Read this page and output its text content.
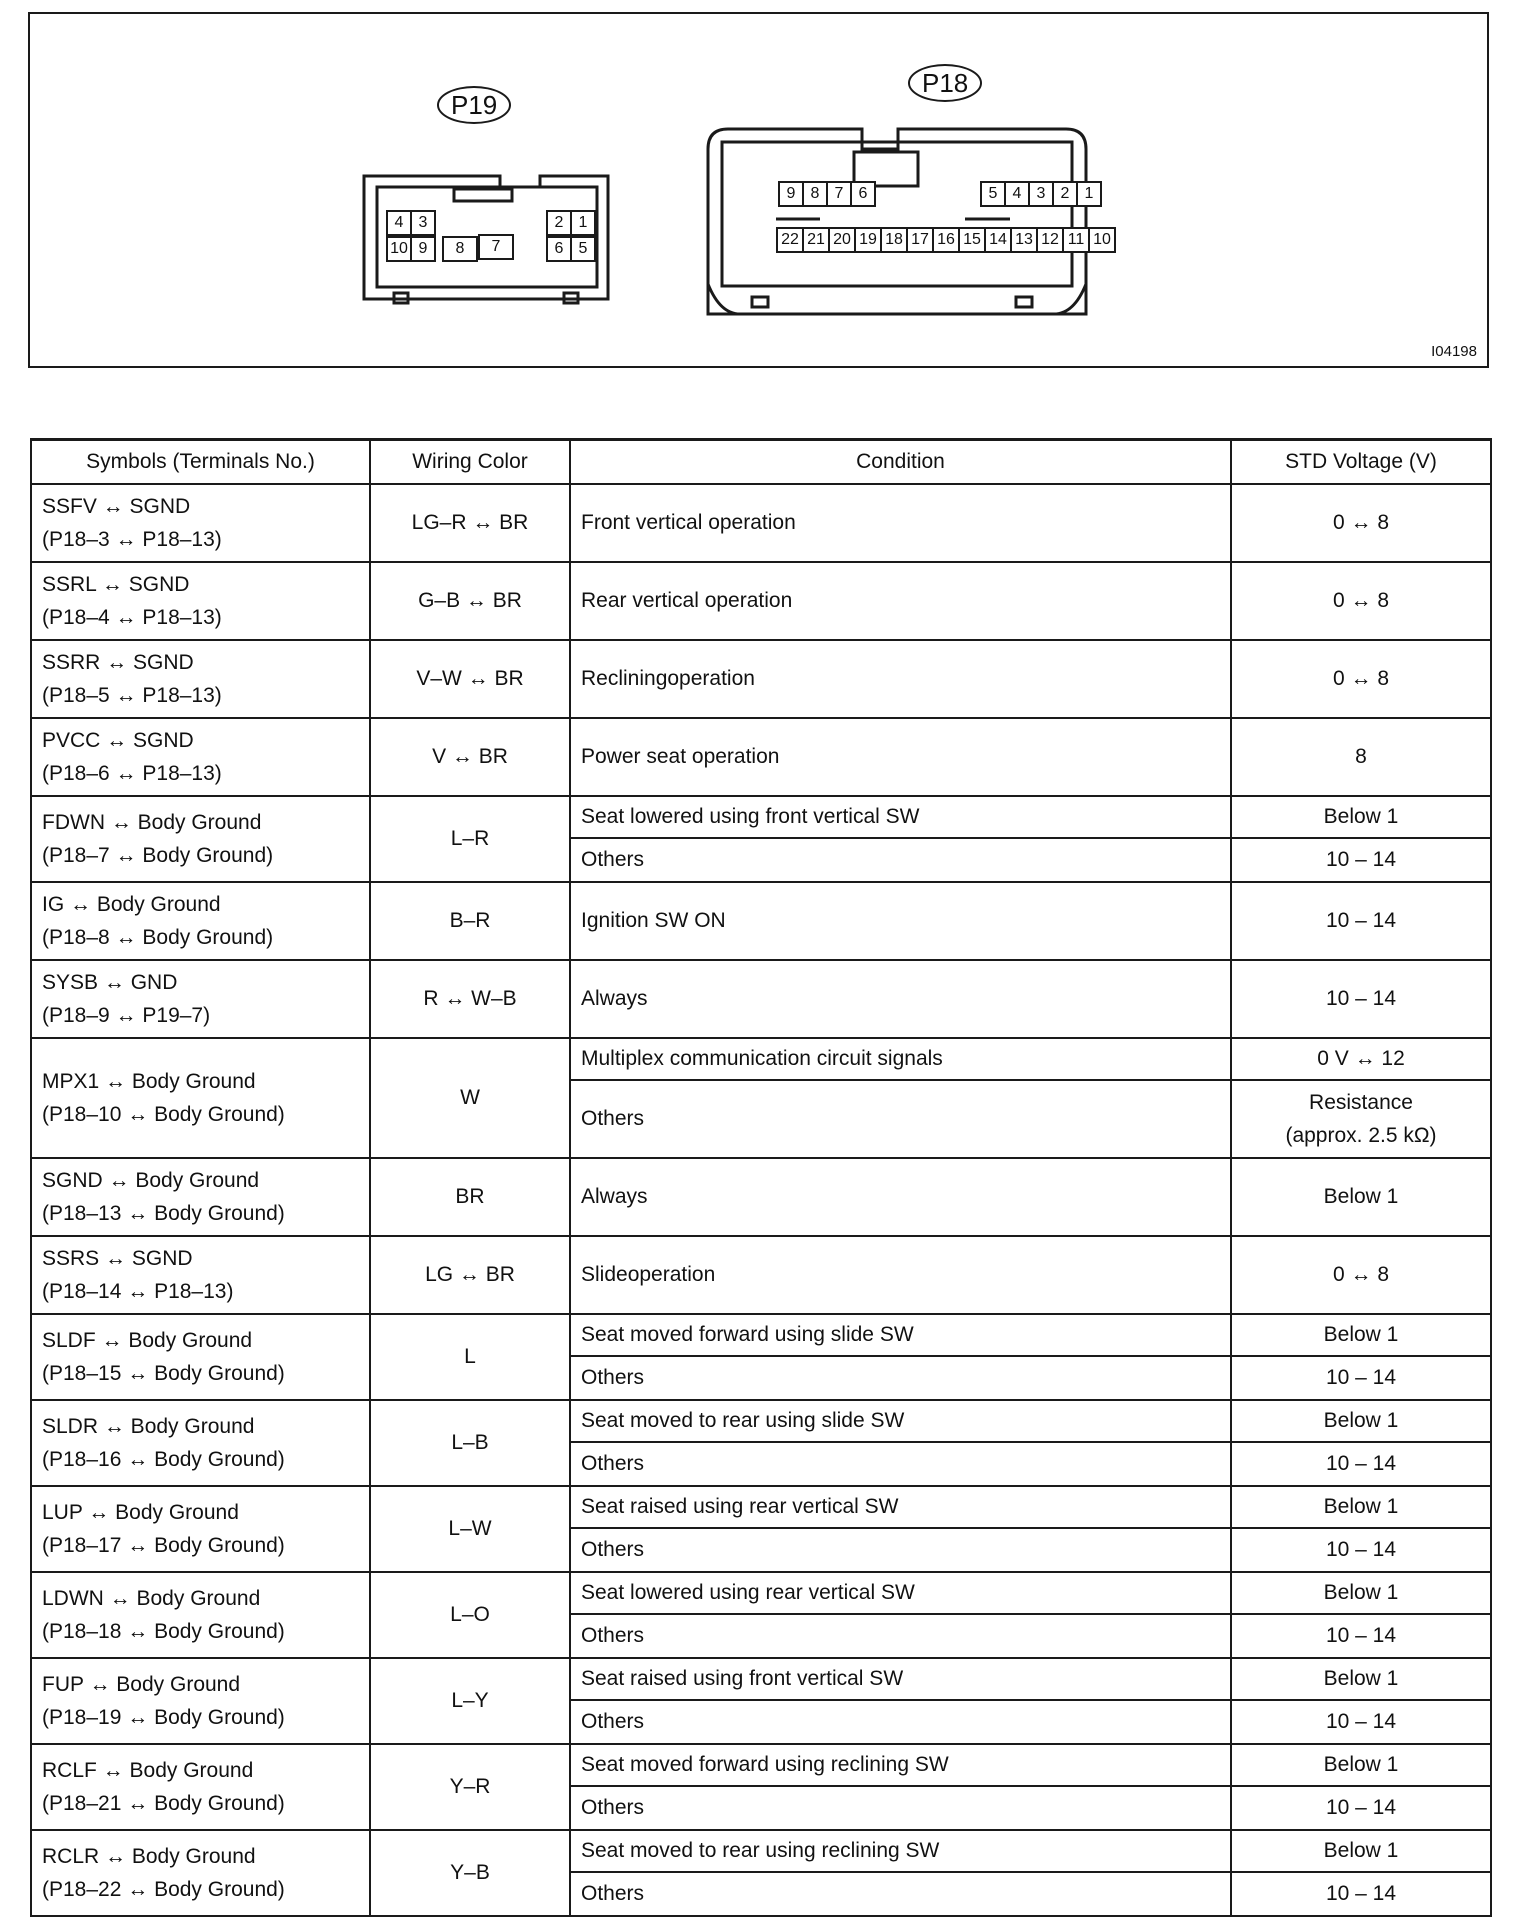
P19
P18
4 3
10 9	8	7
2 1
6 5
9 8 7 6	5 4 3 2 1
22 21 20 19 18 17 16 15 14 13 12 11 10
I04198
Symbols (Terminals No.)	Wiring Color	Condition	STD Voltage (V)

SSFV ↔ SGND
(P18–3 ↔ P18–13)	LG–R ↔ BR	Front vertical operation	0 ↔ 8

SSRL ↔ SGND
(P18–4 ↔ P18–13)	G–B ↔ BR	Rear vertical operation	0 ↔ 8

SSRR ↔ SGND
(P18–5 ↔ P18–13)	V–W ↔ BR	Recliningoperation	0 ↔ 8

PVCC ↔ SGND
(P18–6 ↔ P18–13)	V ↔ BR	Power seat operation	8

FDWN ↔ Body Ground
(P18–7 ↔ Body Ground)	L–R	Seat lowered using front vertical SW	Below 1
		Others	10 – 14

IG ↔ Body Ground
(P18–8 ↔ Body Ground)	B–R	Ignition SW ON	10 – 14

SYSB ↔ GND
(P18–9 ↔ P19–7)	R ↔ W–B	Always	10 – 14

MPX1 ↔ Body Ground
(P18–10 ↔ Body Ground)	W	Multiplex communication circuit signals	0 V ↔ 12
		Others	Resistance
(approx. 2.5 kΩ)

SGND ↔ Body Ground
(P18–13 ↔ Body Ground)	BR	Always	Below 1

SSRS ↔ SGND
(P18–14 ↔ P18–13)	LG ↔ BR	Slideoperation	0 ↔ 8

SLDF ↔ Body Ground
(P18–15 ↔ Body Ground)	L	Seat moved forward using slide SW	Below 1
		Others	10 – 14

SLDR ↔ Body Ground
(P18–16 ↔ Body Ground)	L–B	Seat moved to rear using slide SW	Below 1
		Others	10 – 14

LUP ↔ Body Ground
(P18–17 ↔ Body Ground)	L–W	Seat raised using rear vertical SW	Below 1
		Others	10 – 14

LDWN ↔ Body Ground
(P18–18 ↔ Body Ground)	L–O	Seat lowered using rear vertical SW	Below 1
		Others	10 – 14

FUP ↔ Body Ground
(P18–19 ↔ Body Ground)	L–Y	Seat raised using front vertical SW	Below 1
		Others	10 – 14

RCLF ↔ Body Ground
(P18–21 ↔ Body Ground)	Y–R	Seat moved forward using reclining SW	Below 1
		Others	10 – 14

RCLR ↔ Body Ground
(P18–22 ↔ Body Ground)	Y–B	Seat moved to rear using reclining SW	Below 1
		Others	10 – 14
